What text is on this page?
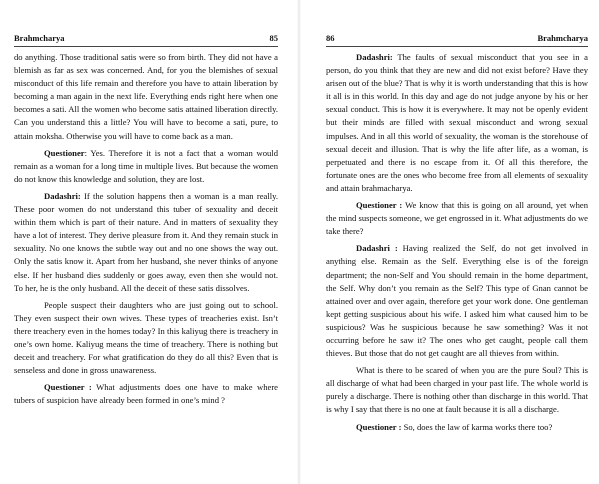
Brahmcharya	85

do anything. Those traditional satis were so from birth. They did not have a blemish as far as sex was concerned. And, for you the blemishes of sexual misconduct of this life remain and therefore you have to attain liberation by becoming a man again in the next life. Everything ends right here when one becomes a sati. All the women who become satis attained liberation directly. Can you understand this a little? You will have to become a sati, pure, to attain moksha. Otherwise you will have to come back as a man.

Questioner: Yes. Therefore it is not a fact that a woman would remain as a woman for a long time in multiple lives. But because the women do not know this knowledge and solution, they are lost.

Dadashri: If the solution happens then a woman is a man really. These poor women do not understand this tuber of sexuality and deceit within them which is part of their nature. And in matters of sexuality they have a lot of interest. They derive pleasure from it. And they remain stuck in sexuality. No one knows the subtle way out and no one shows the way out. Only the satis know it. Apart from her husband, she never thinks of anyone else. If her husband dies suddenly or goes away, even then she would not. To her, he is the only husband. All the deceit of these satis dissolves.

People suspect their daughters who are just going out to school. They even suspect their own wives. These types of treacheries exist. Isn’t there treachery even in the homes today? In this kaliyug there is treachery in one’s own home. Kaliyug means the time of treachery. There is nothing but deceit and treachery. For what gratification do they do all this? Even that is senseless and done in gross unawareness.

Questioner : What adjustments does one have to make where tubers of suspicion have already been formed in one’s mind ?

86	Brahmcharya

Dadashri: The faults of sexual misconduct that you see in a person, do you think that they are new and did not exist before? Have they arisen out of the blue? That is why it is worth understanding that this is how it all is in this world. In this day and age do not judge anyone by his or her sexual conduct. This is how it is everywhere. It may not be openly evident but their minds are filled with sexual misconduct and wrong sexual impulses. And in all this world of sexuality, the woman is the storehouse of sexual deceit and illusion. That is why the life after life, as a woman, is perpetuated and there is no escape from it. Of all this therefore, the fortunate ones are the ones who become free from all elements of sexuality and attain brahmacharya.

Questioner : We know that this is going on all around, yet when the mind suspects someone, we get engrossed in it. What adjustments do we take there?

Dadashri : Having realized the Self, do not get involved in anything else. Remain as the Self. Everything else is of the foreign department; the non-Self and You should remain in the home department, the Self. Why don’t you remain as the Self? This type of Gnan cannot be attained over and over again, therefore get your work done. One gentleman kept getting suspicious about his wife. I asked him what caused him to be suspicious? Was he suspicious because he saw something? Was it not occurring before he saw it? The ones who get caught, people call them thieves. But those that do not get caught are all thieves from within.

What is there to be scared of when you are the pure Soul? This is all discharge of what had been charged in your past life. The whole world is purely a discharge. There is nothing other than discharge in this world. That is why I say that there is no one at fault because it is all a discharge.

Questioner : So, does the law of karma works there too?
